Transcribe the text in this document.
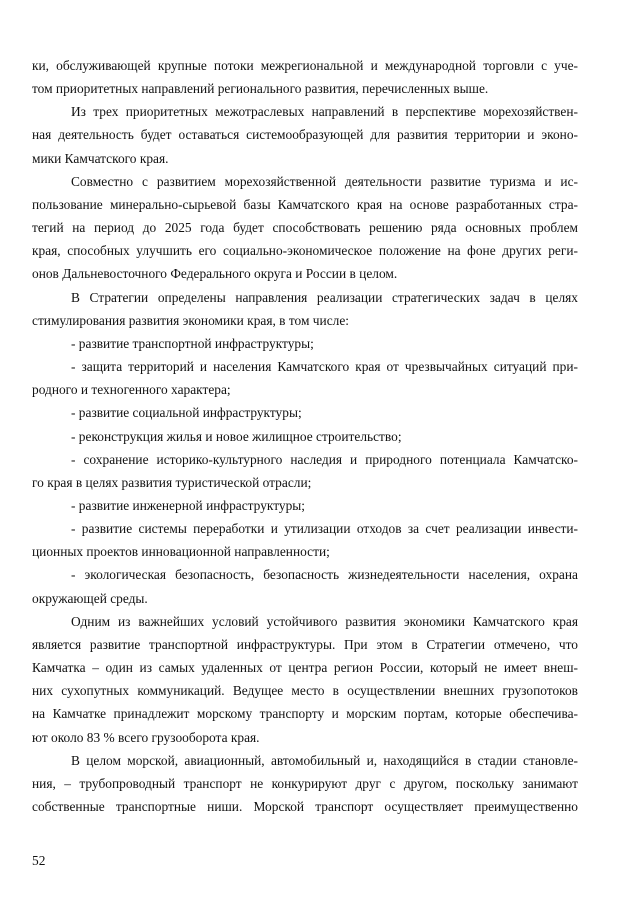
ки, обслуживающей крупные потоки межрегиональной и международной торговли с уче-

том приоритетных направлений регионального развития, перечисленных выше.

Из трех приоритетных межотраслевых направлений в перспективе морехозяйствен-

ная деятельность будет оставаться системообразующей для развития территории и эконо-

мики Камчатского края.

Совместно с развитием морехозяйственной деятельности развитие туризма и ис-

пользование минерально-сырьевой базы Камчатского края на основе разработанных стра-

тегий на период до 2025 года будет способствовать решению ряда основных проблем

края, способных улучшить его социально-экономическое положение на фоне других реги-

онов Дальневосточного Федерального округа и России в целом.

В Стратегии определены направления реализации стратегических задач в целях

стимулирования развития экономики края, в том числе:

- развитие транспортной инфраструктуры;

- защита территорий и населения Камчатского края от чрезвычайных ситуаций при-

родного и техногенного характера;

- развитие социальной инфраструктуры;

- реконструкция жилья и новое жилищное строительство;

- сохранение историко-культурного наследия и природного потенциала Камчатско-

го края в целях развития туристической отрасли;

- развитие инженерной инфраструктуры;

- развитие системы переработки и утилизации отходов за счет реализации инвести-

ционных проектов инновационной направленности;

- экологическая безопасность, безопасность жизнедеятельности населения, охрана

окружающей среды.

Одним из важнейших условий устойчивого развития экономики Камчатского края

является развитие транспортной инфраструктуры. При этом в Стратегии отмечено, что

Камчатка – один из самых удаленных от центра регион России, который не имеет внеш-

них сухопутных коммуникаций. Ведущее место в осуществлении внешних грузопотоков

на Камчатке принадлежит морскому транспорту и морским портам, которые обеспечива-

ют около 83 % всего грузооборота края.

В целом морской, авиационный, автомобильный и, находящийся в стадии становле-

ния, – трубопроводный транспорт не конкурируют друг с другом, поскольку занимают

собственные транспортные ниши. Морской транспорт осуществляет преимущественно

52
